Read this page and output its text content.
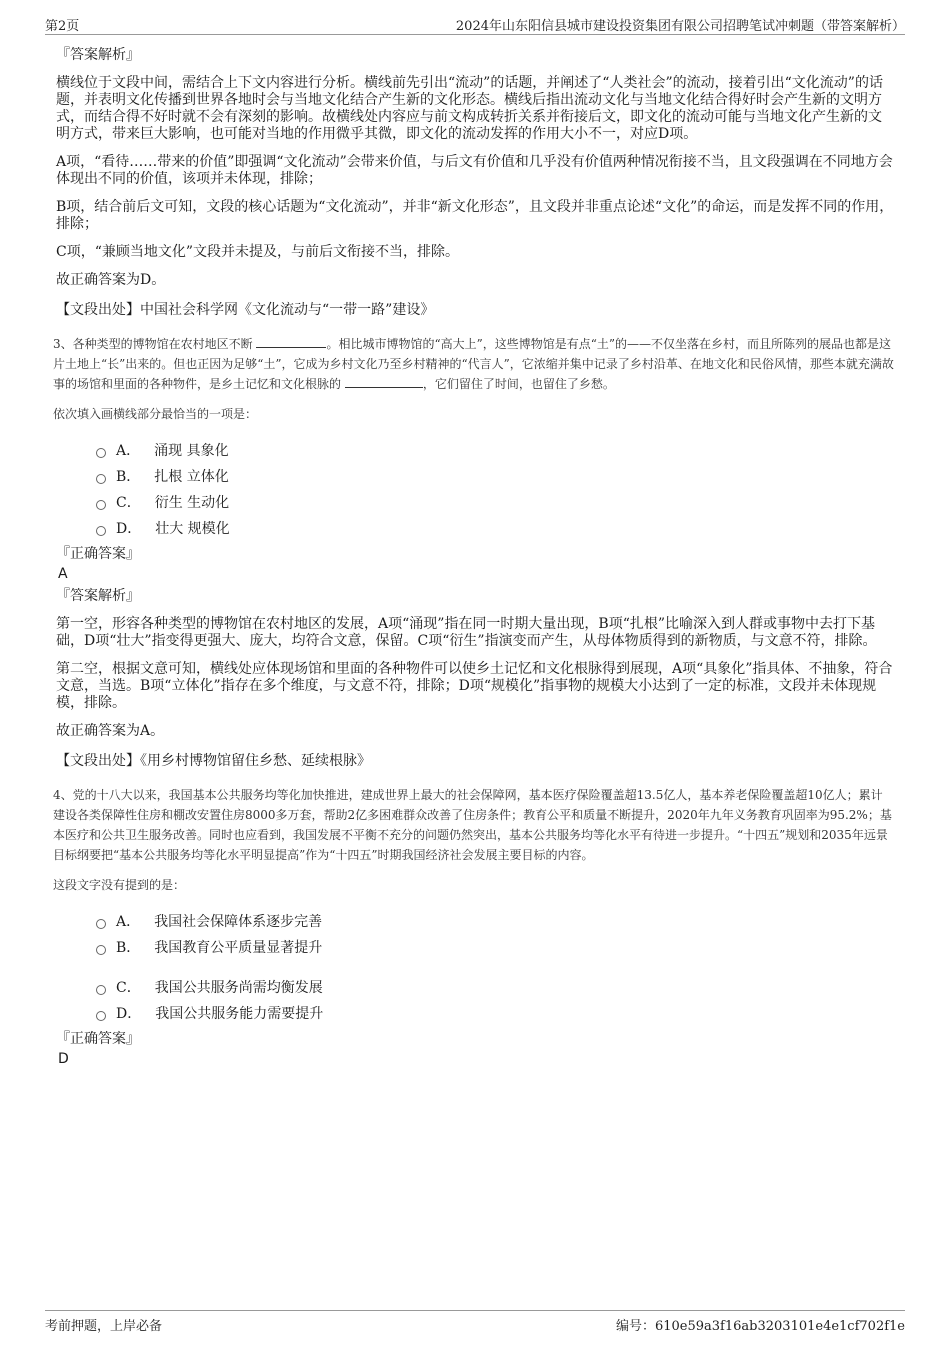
第2页	2024年山东阳信县城市建设投资集团有限公司招聘笔试冲刺题（带答案解析）
『答案解析』

横线位于文段中间，需结合上下文内容进行分析。横线前先引出“流动”的话题，并阐述了“人类社会”的流动，接着引出“文化流动”的话题，并表明文化传播到世界各地时会与当地文化结合产生新的文化形态。横线后指出流动文化与当地文化结合得好时会产生新的文明方式，而结合得不好时就不会有深刻的影响。故横线处内容应与前文构成转折关系并衔接后文，即文化的流动可能与当地文化产生新的文明方式，带来巨大影响，也可能对当地的作用微乎其微，即文化的流动发挥的作用大小不一，对应D项。

A项，“看待……带来的价值”即强调“文化流动”会带来价值，与后文有价值和几乎没有价值两种情况衔接不当，且文段强调在不同地方会体现出不同的价值，该项并未体现，排除；

B项，结合前后文可知，文段的核心话题为“文化流动”，并非“新文化形态”，且文段并非重点论述“文化”的命运，而是发挥不同的作用，排除；

C项，“兼顾当地文化”文段并未提及，与前后文衔接不当，排除。

故正确答案为D。

【文段出处】中国社会科学网《文化流动与“一带一路”建设》
3、各种类型的博物馆在农村地区不断	。相比城市博物馆的“高大上”，这些博物馆是有点“土”的——不仅坐落在乡村，而且所陈列的展品也都是这片土地上“长”出来的。但也正因为足够“土”，它成为乡村文化乃至乡村精神的“代言人”，它浓缩并集中记录了乡村沿革、在地文化和民俗风情，那些本就充满故事的场馆和里面的各种物件，是乡土记忆和文化根脉的	，它们留住了时间，也留住了乡愁。
依次填入画横线部分最恰当的一项是：
A． 涌现 具象化
B． 扎根 立体化
C． 衍生 生动化
D． 壮大 规模化
『正确答案』
A
『答案解析』

第一空，形容各种类型的博物馆在农村地区的发展，A项“涌现”指在同一时期大量出现，B项“扎根”比喻深入到人群或事物中去打下基础，D项“壮大”指变得更强大、庞大，均符合文意，保留。C项“衍生”指演变而产生，从母体物质得到的新物质，与文意不符，排除。

第二空，根据文意可知，横线处应体现场馆和里面的各种物件可以使乡土记忆和文化根脉得到展现，A项“具象化”指具体、不抽象，符合文意，当选。B项“立体化”指存在多个维度，与文意不符，排除；D项“规模化”指事物的规模大小达到了一定的标准，文段并未体现规模，排除。

故正确答案为A。

【文段出处】《用乡村博物馆留住乡愁、延续根脉》
4、党的十八大以来，我国基本公共服务均等化加快推进，建成世界上最大的社会保障网，基本医疗保险覆盖超13.5亿人，基本养老保险覆盖超10亿人；累计建设各类保障性住房和棚改安置住房8000多万套，帮助2亿多困难群众改善了住房条件；教育公平和质量不断提升，2020年九年义务教育巩固率为95.2%；基本医疗和公共卫生服务改善。同时也应看到，我国发展不平衡不充分的问题仍然突出，基本公共服务均等化水平有待进一步提升。“十四五”规划和2035年远景目标纲要把“基本公共服务均等化水平明显提高”作为“十四五”时期我国经济社会发展主要目标的内容。
这段文字没有提到的是：
A． 我国社会保障体系逐步完善
B． 我国教育公平质量显著提升
C． 我国公共服务尚需均衡发展
D． 我国公共服务能力需要提升
『正确答案』
D
考前押题，上岸必备	编号：610e59a3f16ab3203101e4e1cf702f1e
